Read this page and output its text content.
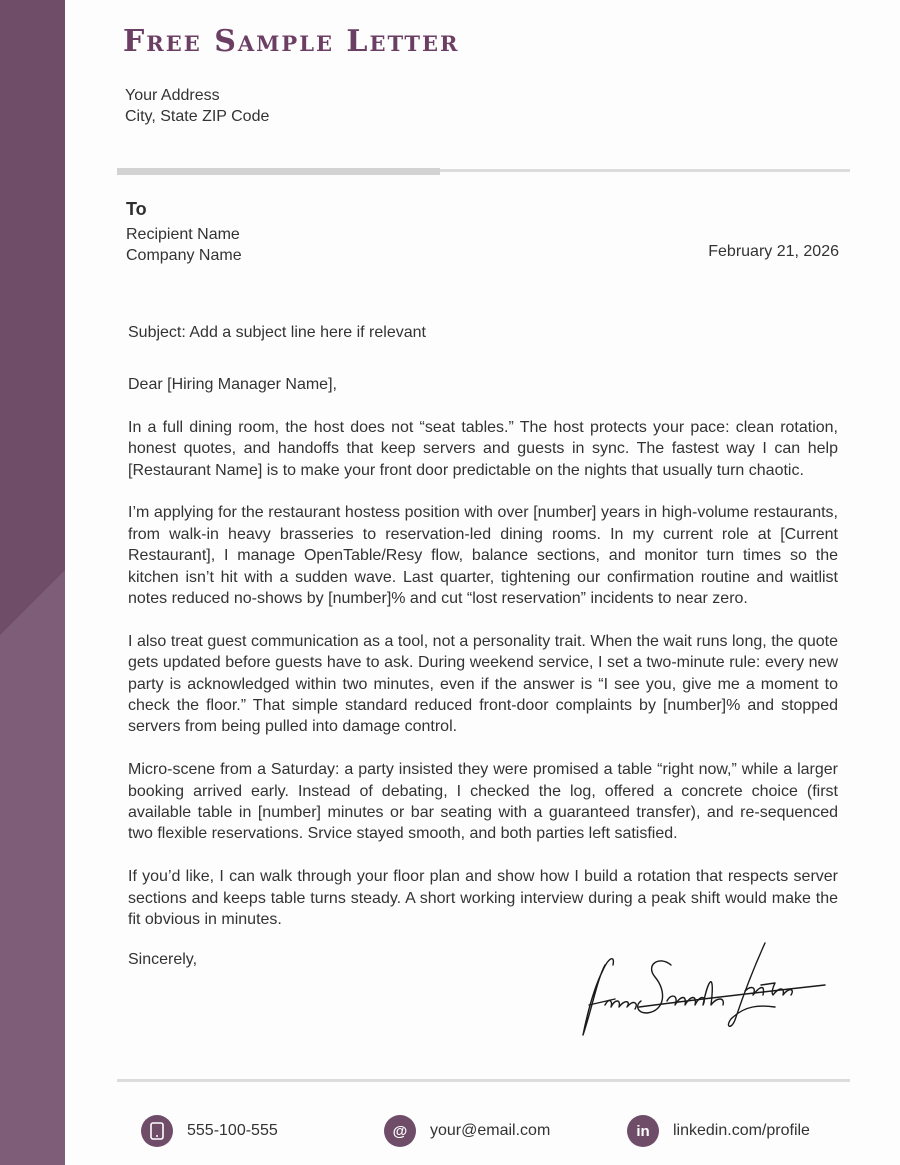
Free Sample Letter
Your Address
City, State ZIP Code
To
Recipient Name
Company Name	February 21, 2026
Subject: Add a subject line here if relevant

Dear [Hiring Manager Name],

In a full dining room, the host does not “seat tables.” The host protects your pace: clean rotation, honest quotes, and handoffs that keep servers and guests in sync. The fastest way I can help [Restaurant Name] is to make your front door predictable on the nights that usually turn chaotic.

I’m applying for the restaurant hostess position with over [number] years in high-volume restaurants, from walk-in heavy brasseries to reservation-led dining rooms. In my current role at [Current Restaurant], I manage OpenTable/Resy flow, balance sections, and monitor turn times so the kitchen isn’t hit with a sudden wave. Last quarter, tightening our confirmation routine and waitlist notes reduced no-shows by [number]% and cut “lost reservation” incidents to near zero.

I also treat guest communication as a tool, not a personality trait. When the wait runs long, the quote gets updated before guests have to ask. During weekend service, I set a two-minute rule: every new party is acknowledged within two minutes, even if the answer is “I see you, give me a moment to check the floor.” That simple standard reduced front-door complaints by [number]% and stopped servers from being pulled into damage control.

Micro-scene from a Saturday: a party insisted they were promised a table “right now,” while a larger booking arrived early. Instead of debating, I checked the log, offered a concrete choice (first available table in [number] minutes or bar seating with a guaranteed transfer), and re-sequenced two flexible reservations. Srvice stayed smooth, and both parties left satisfied.

If you’d like, I can walk through your floor plan and show how I build a rotation that respects server sections and keeps table turns steady. A short working interview during a peak shift would make the fit obvious in minutes.

Sincerely,
555-100-555	@	your@email.com	in	linkedin.com/profile
